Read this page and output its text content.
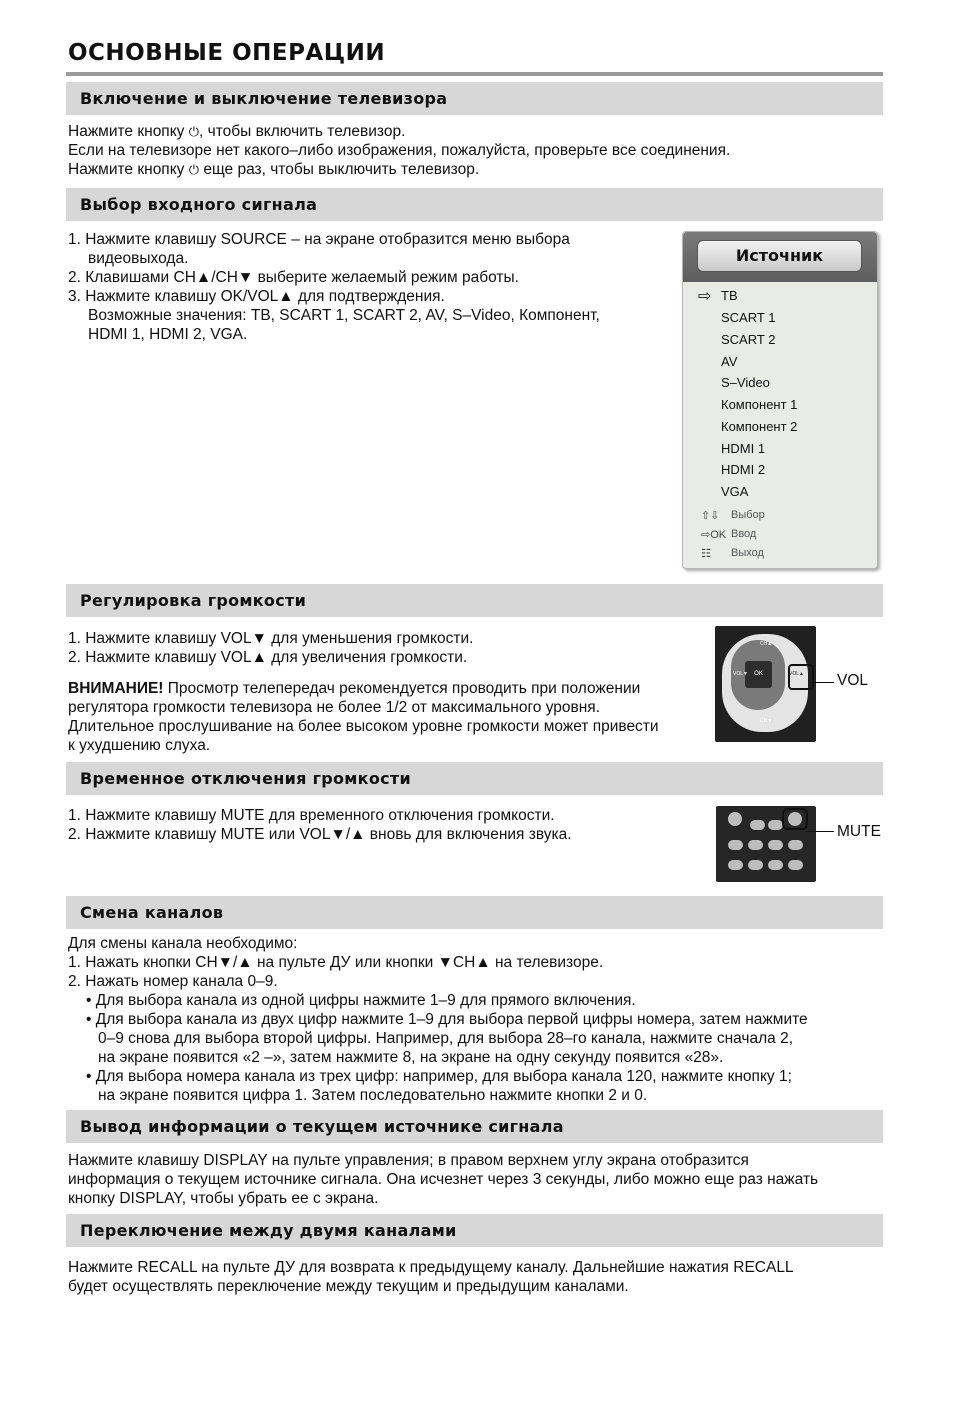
ОСНОВНЫЕ ОПЕРАЦИИ
Включение и выключение телевизора
Нажмите кнопку ⏻, чтобы включить телевизор.
Если на телевизоре нет какого–либо изображения, пожалуйста, проверьте все соединения.
Нажмите кнопку ⏻ еще раз, чтобы выключить телевизор.
Выбор входного сигнала
1. Нажмите клавишу SOURCE – на экране отобразится меню выбора
видеовыхода.
2. Клавишами CH▲/CH▼ выберите желаемый режим работы.
3. Нажмите клавишу OK/VOL▲ для подтверждения.
Возможные значения: ТВ, SCART 1, SCART 2, AV, S–Video, Компонент,
HDMI 1, HDMI 2, VGA.
Источник
⇨ ТВ
SCART 1
SCART 2
AV
S–Video
Компонент 1
Компонент 2
HDMI 1
HDMI 2
VGA
⇧⇩ Выбор
⇨OK Ввод
☷ Выход
Регулировка громкости
1. Нажмите клавишу VOL▼ для уменьшения громкости.
2. Нажмите клавишу VOL▲ для увеличения громкости.
ВНИМАНИЕ! Просмотр телепередач рекомендуется проводить при положении
регулятора громкости телевизора не более 1/2 от максимального уровня.
Длительное прослушивание на более высоком уровне громкости может привести
к ухудшению слуха.
OK
CH▲
CH▼
VOL▼	VOL▲ VOL
Временное отключения громкости
1. Нажмите клавишу MUTE для временного отключения громкости.
2. Нажмите клавишу MUTE или VOL▼/▲ вновь для включения звука.	MUTE
Смена каналов
Для смены канала необходимо:
1. Нажать кнопки CH▼/▲ на пульте ДУ или кнопки ▼CH▲ на телевизоре.
2. Нажать номер канала 0–9.
• Для выбора канала из одной цифры нажмите 1–9 для прямого включения.
• Для выбора канала из двух цифр нажмите 1–9 для выбора первой цифры номера, затем нажмите
0–9 снова для выбора второй цифры. Например, для выбора 28–го канала, нажмите сначала 2,
на экране появится «2 –», затем нажмите 8, на экране на одну секунду появится «28».
• Для выбора номера канала из трех цифр: например, для выбора канала 120, нажмите кнопку 1;
на экране появится цифра 1. Затем последовательно нажмите кнопки 2 и 0.
Вывод информации о текущем источнике сигнала
Нажмите клавишу DISPLAY на пульте управления; в правом верхнем углу экрана отобразится
информация о текущем источнике сигнала. Она исчезнет через 3 секунды, либо можно еще раз нажать
кнопку DISPLAY, чтобы убрать ее с экрана.
Переключение между двумя каналами
Нажмите RECALL на пульте ДУ для возврата к предыдущему каналу. Дальнейшие нажатия RECALL
будет осуществлять переключение между текущим и предыдущим каналами.
